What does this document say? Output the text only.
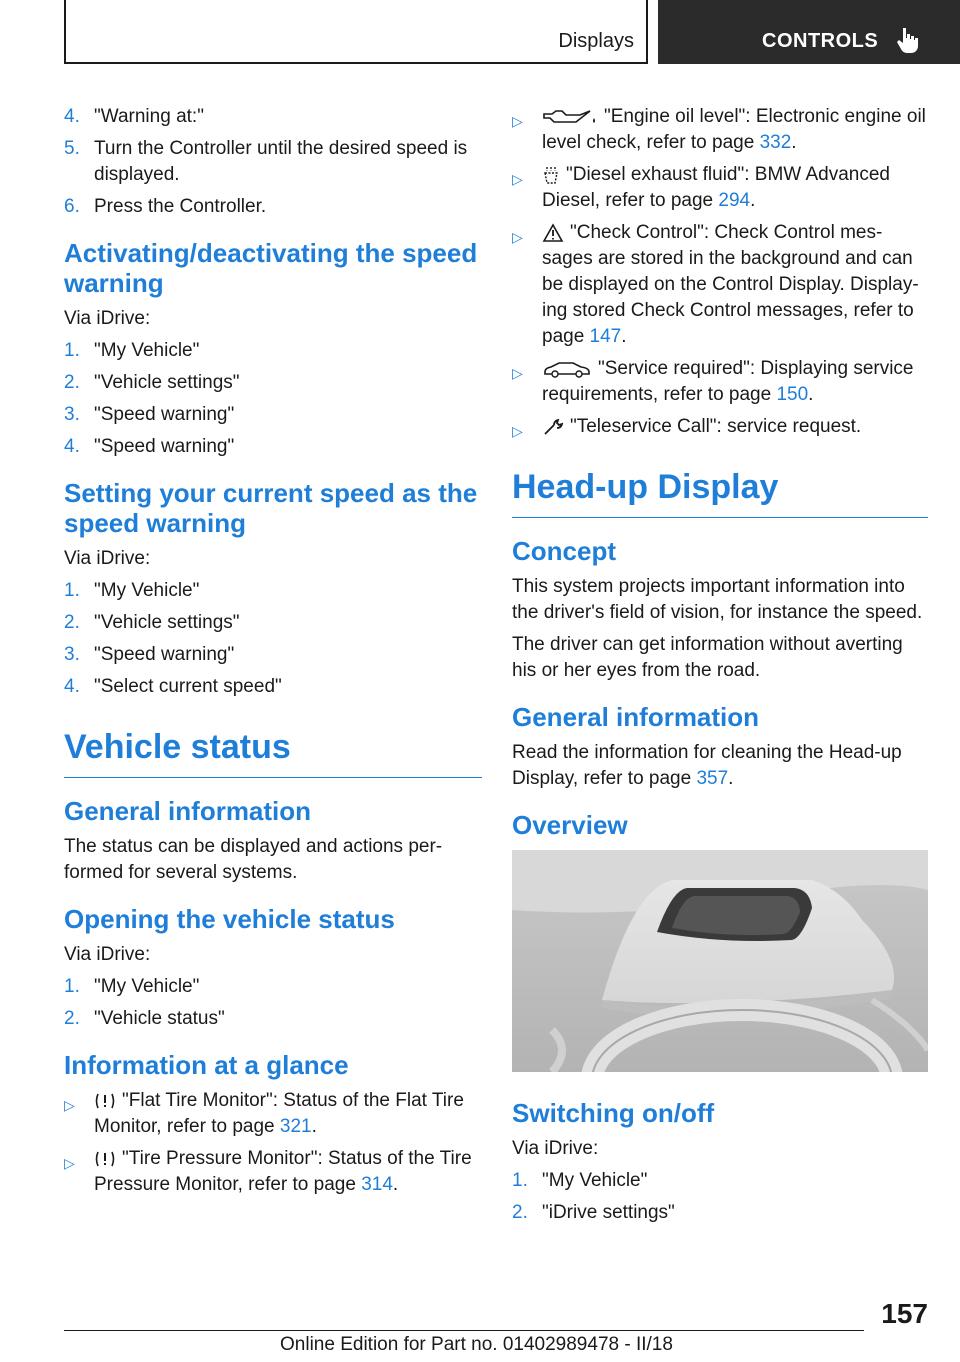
Displays	CONTROLS
4. "Warning at:"
5. Turn the Controller until the desired speed is displayed.
6. Press the Controller.
Activating/deactivating the speed warning

Via iDrive:

1. "My Vehicle"
2. "Vehicle settings"
3. "Speed warning"
4. "Speed warning"
Setting your current speed as the speed warning

Via iDrive:

1. "My Vehicle"
2. "Vehicle settings"
3. "Speed warning"
4. "Select current speed"
Vehicle status
General information

The status can be displayed and actions per- formed for several systems.

Opening the vehicle status

Via iDrive:

1. "My Vehicle"
2. "Vehicle status"
Information at a glance
▷ "Flat Tire Monitor": Status of the Flat Tire Monitor, refer to page 321.
▷ "Tire Pressure Monitor": Status of the Tire Pressure Monitor, refer to page 314.
▷	"Engine oil level": Electronic engine oil level check, refer to page 332.
▷ "Diesel exhaust fluid": BMW Advanced Diesel, refer to page 294.
▷ "Check Control": Check Control mes- sages are stored in the background and can be displayed on the Control Display. Display- ing stored Check Control messages, refer to page 147.
▷	"Service required": Displaying service requirements, refer to page 150.
▷ "Teleservice Call": service request.
Head-up Display
Concept

This system projects important information into the driver's field of vision, for instance the speed.

The driver can get information without averting his or her eyes from the road.

General information

Read the information for cleaning the Head-up Display, refer to page 357.

Overview
Switching on/off

Via iDrive:

1. "My Vehicle"
2. "iDrive settings"
157
Online Edition for Part no. 01402989478 - II/18
